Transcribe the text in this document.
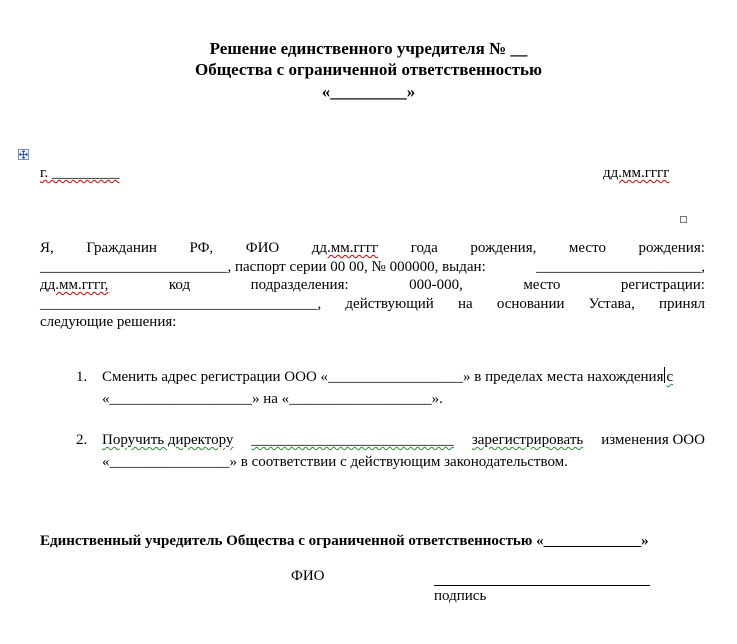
Решение единственного учредителя № __
Общества с ограниченной ответственностью
«_________»
г. _________	дд.мм.гггг
Я, Гражданин РФ, ФИО дд.мм.гггг года рождения, место рождения:
_________________________, паспорт серии 00 00, № 000000, выдан:	______________________,
дд.мм.гггг,	код	подразделения:	000-000,	место	регистрации:
_____________________________________, действующий на основании Устава, принял
следующие решения:
1. Сменить адрес регистрации ООО «__________________» в пределах места нахождения с
«___________________» на «___________________».
2. Поручить директору ___________________________ зарегистрировать изменения ООО
«________________» в соответствии с действующим законодательством.
Единственный учредитель Общества с ограниченной ответственностью «_____________»
ФИО
подпись
